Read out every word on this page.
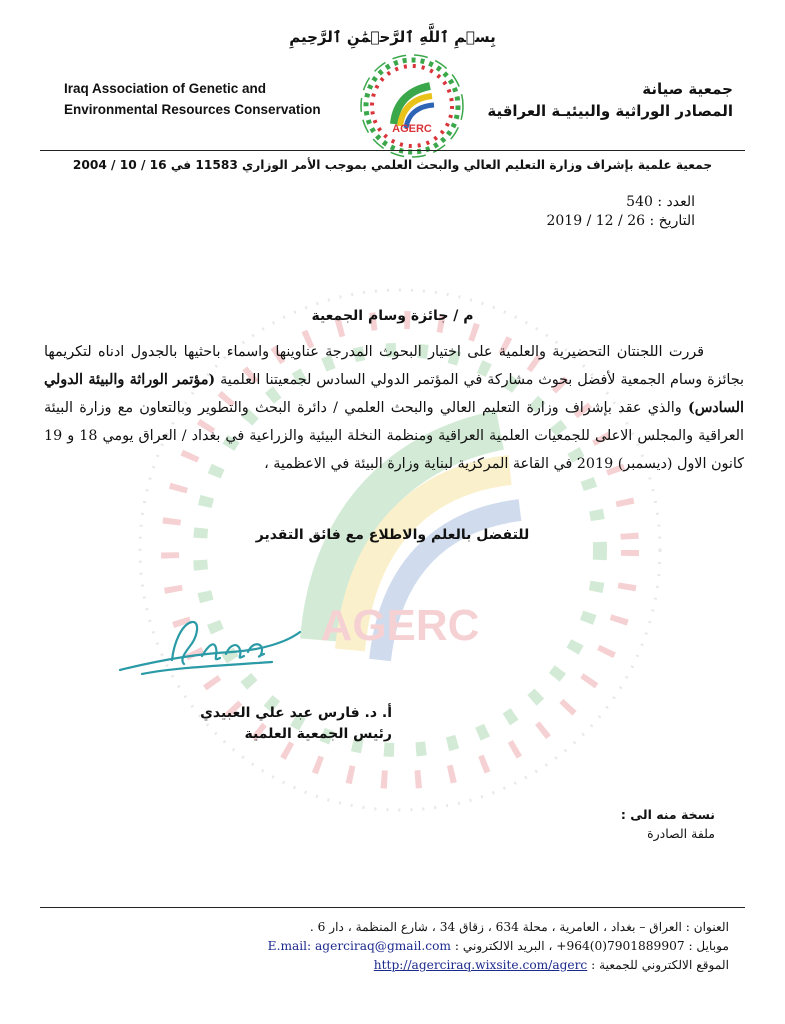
AGERC
بِسۡمِ ٱللَّهِ ٱلرَّحۡمَٰنِ ٱلرَّحِيمِ
Iraq Association of Genetic and
Environmental Resources Conservation
AGERC
جمعية صيانة
المصادر الوراثية والبيئيـة العراقية
جمعية علمية بإشراف وزارة التعليم العالي والبحث العلمي بموجب الأمر الوزاري 11583 في 16 / 10 / 2004
العدد : 540
التاريخ : 26 / 12 / 2019
م / جائزة وسام الجمعية

قررت اللجنتان التحضيرية والعلمية على اختيار البحوث المدرجة عناوينها واسماء باحثيها بالجدول ادناه لتكريمها بجائزة وسام الجمعية لأفضل بحوث مشاركة في المؤتمر الدولي السادس لجمعيتنا العلمية (مؤتمر الوراثة والبيئة الدولي السادس) والذي عقد بإشراف وزارة التعليم العالي والبحث العلمي / دائرة البحث والتطوير وبالتعاون مع وزارة البيئة العراقية والمجلس الاعلى للجمعيات العلمية العراقية ومنظمة النخلة البيئية والزراعية في بغداد / العراق يومي 18 و 19 كانون الاول (ديسمبر) 2019 في القاعة المركزية لبناية وزارة البيئة في الاعظمية ،

للتفضل بالعلم والاطلاع مع فائق التقدير
أ. د. فارس عبد علي العبيدي
رئيس الجمعية العلمية
نسخة منه الى :
ملفة الصادرة
العنوان : العراق – بغداد ، العامرية ، محلة 634 ، زقاق 34 ، شارع المنظمة ، دار 6 .
موبايل : +964(0)7901889907 ، البريد الالكتروني : E.mail: agerciraq@gmail.com
الموقع الالكتروني للجمعية : http://agerciraq.wixsite.com/agerc
